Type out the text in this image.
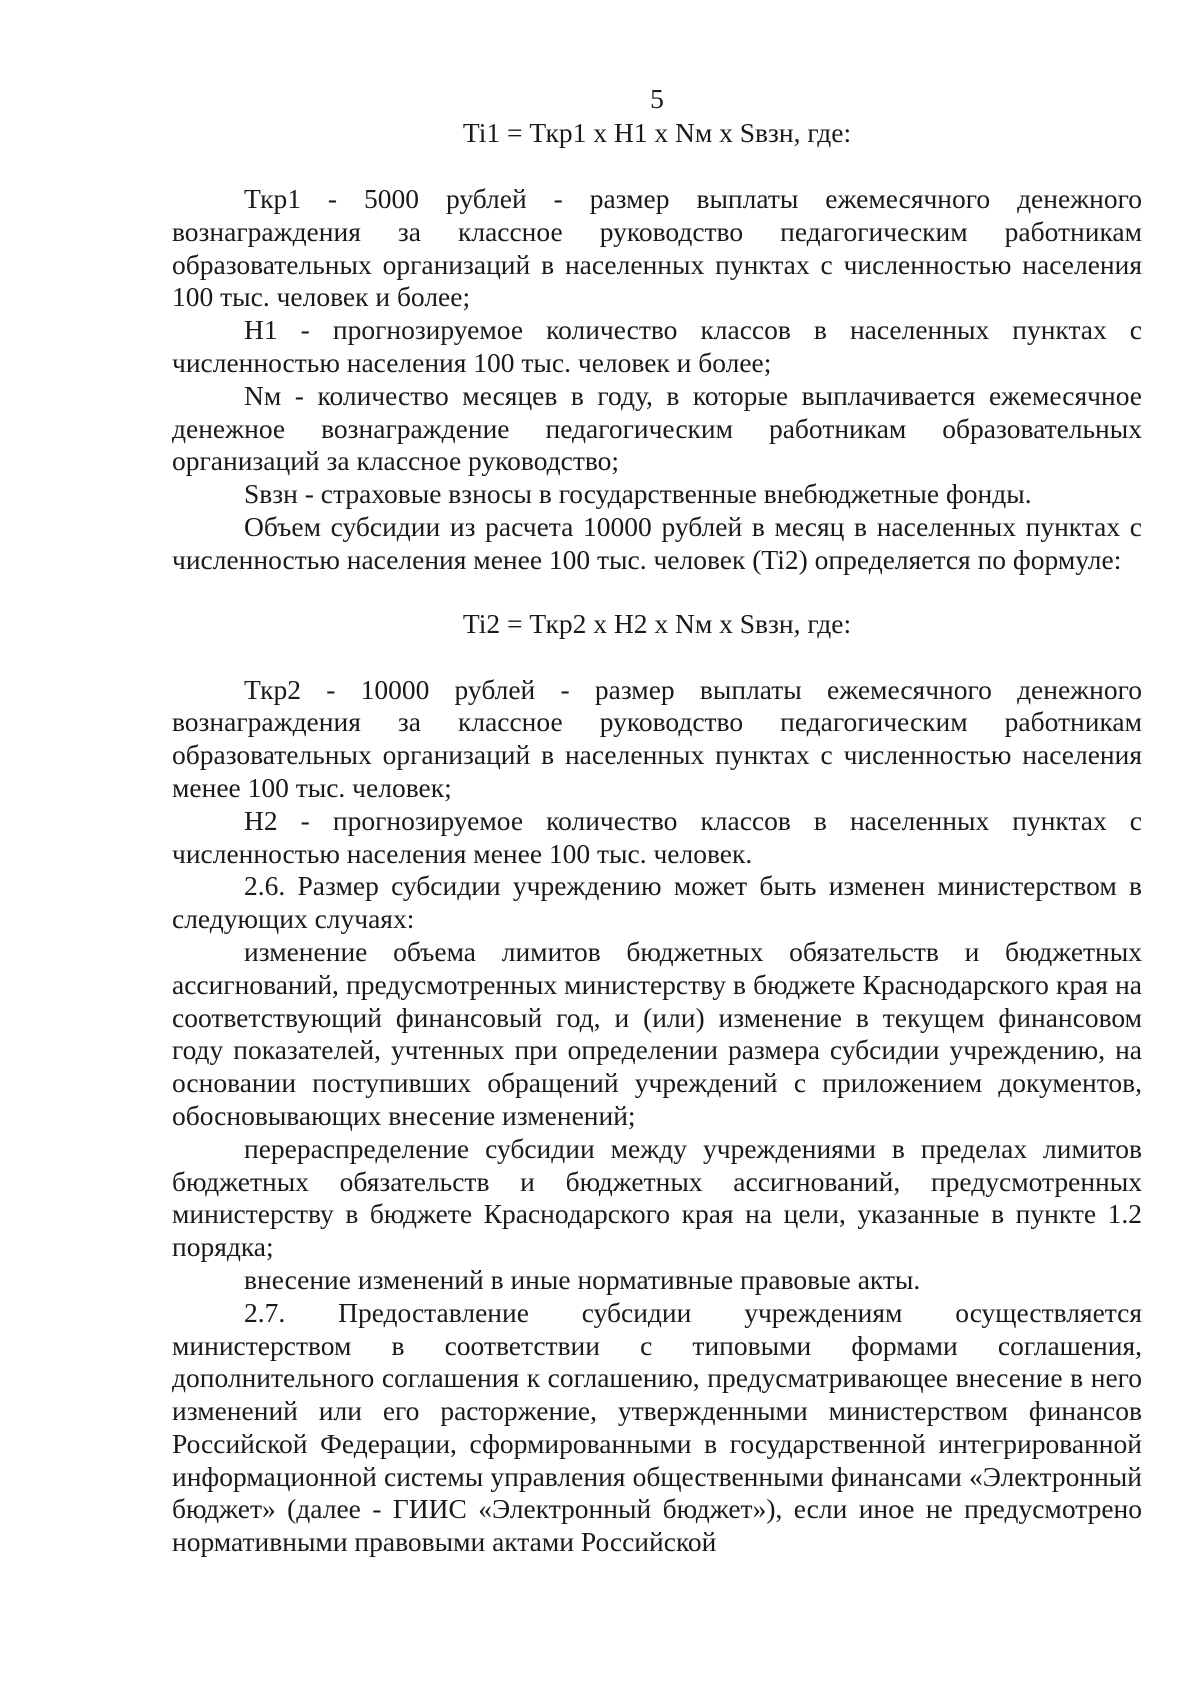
5
Ti1 = Ткр1 x H1 x Nм x Sвзн, где:

Ткр1 - 5000 рублей - размер выплаты ежемесячного денежного вознаграждения за классное руководство педагогическим работникам образовательных организаций в населенных пунктах с численностью населения 100 тыс. человек и более;

H1 - прогнозируемое количество классов в населенных пунктах с численностью населения 100 тыс. человек и более;

Nм - количество месяцев в году, в которые выплачивается ежемесячное денежное вознаграждение педагогическим работникам образовательных организаций за классное руководство;

Sвзн - страховые взносы в государственные внебюджетные фонды.

Объем субсидии из расчета 10000 рублей в месяц в населенных пунктах с численностью населения менее 100 тыс. человек (Ti2) определяется по формуле:

Ti2 = Ткр2 x H2 x Nм x Sвзн, где:

Ткр2 - 10000 рублей - размер выплаты ежемесячного денежного вознаграждения за классное руководство педагогическим работникам образовательных организаций в населенных пунктах с численностью населения менее 100 тыс. человек;

H2 - прогнозируемое количество классов в населенных пунктах с численностью населения менее 100 тыс. человек.

2.6. Размер субсидии учреждению может быть изменен министерством в следующих случаях:

изменение объема лимитов бюджетных обязательств и бюджетных ассигнований, предусмотренных министерству в бюджете Краснодарского края на соответствующий финансовый год, и (или) изменение в текущем финансовом году показателей, учтенных при определении размера субсидии учреждению, на основании поступивших обращений учреждений с приложением документов, обосновывающих внесение изменений;

перераспределение субсидии между учреждениями в пределах лимитов бюджетных обязательств и бюджетных ассигнований, предусмотренных министерству в бюджете Краснодарского края на цели, указанные в пункте 1.2 порядка;

внесение изменений в иные нормативные правовые акты.

2.7. Предоставление субсидии учреждениям осуществляется министерством в соответствии с типовыми формами соглашения, дополнительного соглашения к соглашению, предусматривающее внесение в него изменений или его расторжение, утвержденными министерством финансов Российской Федерации, сформированными в государственной интегрированной информационной системы управления общественными финансами «Электронный бюджет» (далее - ГИИС «Электронный бюджет»), если иное не предусмотрено нормативными правовыми актами Российской
